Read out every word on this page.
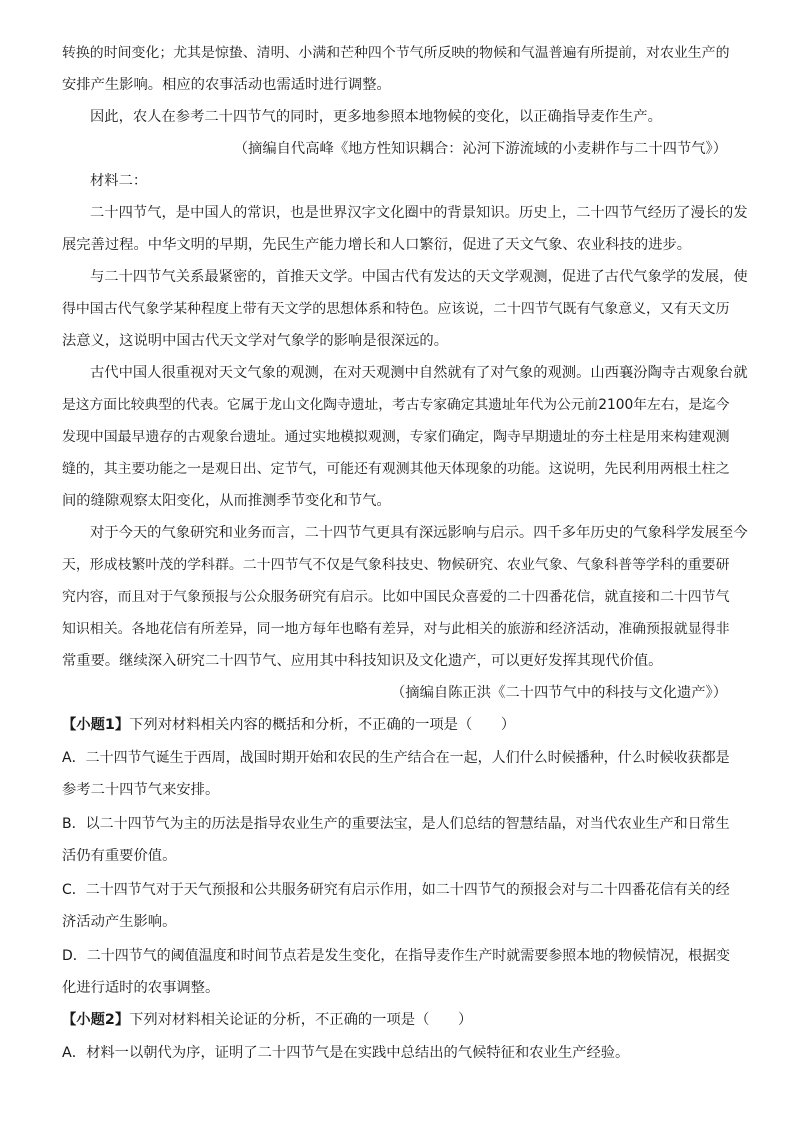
转换的时间变化；尤其是惊蛰、清明、小满和芒种四个节气所反映的物候和气温普遍有所提前，对农业生产的
安排产生影响。相应的农事活动也需适时进行调整。
因此，农人在参考二十四节气的同时，更多地参照本地物候的变化，以正确指导麦作生产。
（摘编自代高峰《地方性知识耦合：沁河下游流域的小麦耕作与二十四节气》）
材料二：
二十四节气，是中国人的常识，也是世界汉字文化圈中的背景知识。历史上，二十四节气经历了漫长的发
展完善过程。中华文明的早期，先民生产能力增长和人口繁衍，促进了天文气象、农业科技的进步。
与二十四节气关系最紧密的，首推天文学。中国古代有发达的天文学观测，促进了古代气象学的发展，使
得中国古代气象学某种程度上带有天文学的思想体系和特色。应该说，二十四节气既有气象意义，又有天文历
法意义，这说明中国古代天文学对气象学的影响是很深远的。
古代中国人很重视对天文气象的观测，在对天观测中自然就有了对气象的观测。山西襄汾陶寺古观象台就
是这方面比较典型的代表。它属于龙山文化陶寺遗址，考古专家确定其遗址年代为公元前2100年左右，是迄今
发现中国最早遗存的古观象台遗址。通过实地模拟观测，专家们确定，陶寺早期遗址的夯土柱是用来构建观测
缝的，其主要功能之一是观日出、定节气，可能还有观测其他天体现象的功能。这说明，先民利用两根土柱之
间的缝隙观察太阳变化，从而推测季节变化和节气。
对于今天的气象研究和业务而言，二十四节气更具有深远影响与启示。四千多年历史的气象科学发展至今
天，形成枝繁叶茂的学科群。二十四节气不仅是气象科技史、物候研究、农业气象、气象科普等学科的重要研
究内容，而且对于气象预报与公众服务研究有启示。比如中国民众喜爱的二十四番花信，就直接和二十四节气
知识相关。各地花信有所差异，同一地方每年也略有差异，对与此相关的旅游和经济活动，准确预报就显得非
常重要。继续深入研究二十四节气、应用其中科技知识及文化遗产，可以更好发挥其现代价值。
（摘编自陈正洪《二十四节气中的科技与文化遗产》）
【小题1】下列对材料相关内容的概括和分析，不正确的一项是（　　）
A．二十四节气诞生于西周，战国时期开始和农民的生产结合在一起，人们什么时候播种，什么时候收获都是
参考二十四节气来安排。
B．以二十四节气为主的历法是指导农业生产的重要法宝，是人们总结的智慧结晶，对当代农业生产和日常生
活仍有重要价值。
C．二十四节气对于天气预报和公共服务研究有启示作用，如二十四节气的预报会对与二十四番花信有关的经
济活动产生影响。
D．二十四节气的阈值温度和时间节点若是发生变化，在指导麦作生产时就需要参照本地的物候情况，根据变
化进行适时的农事调整。
【小题2】下列对材料相关论证的分析，不正确的一项是（　　）
A．材料一以朝代为序，证明了二十四节气是在实践中总结出的气候特征和农业生产经验。
